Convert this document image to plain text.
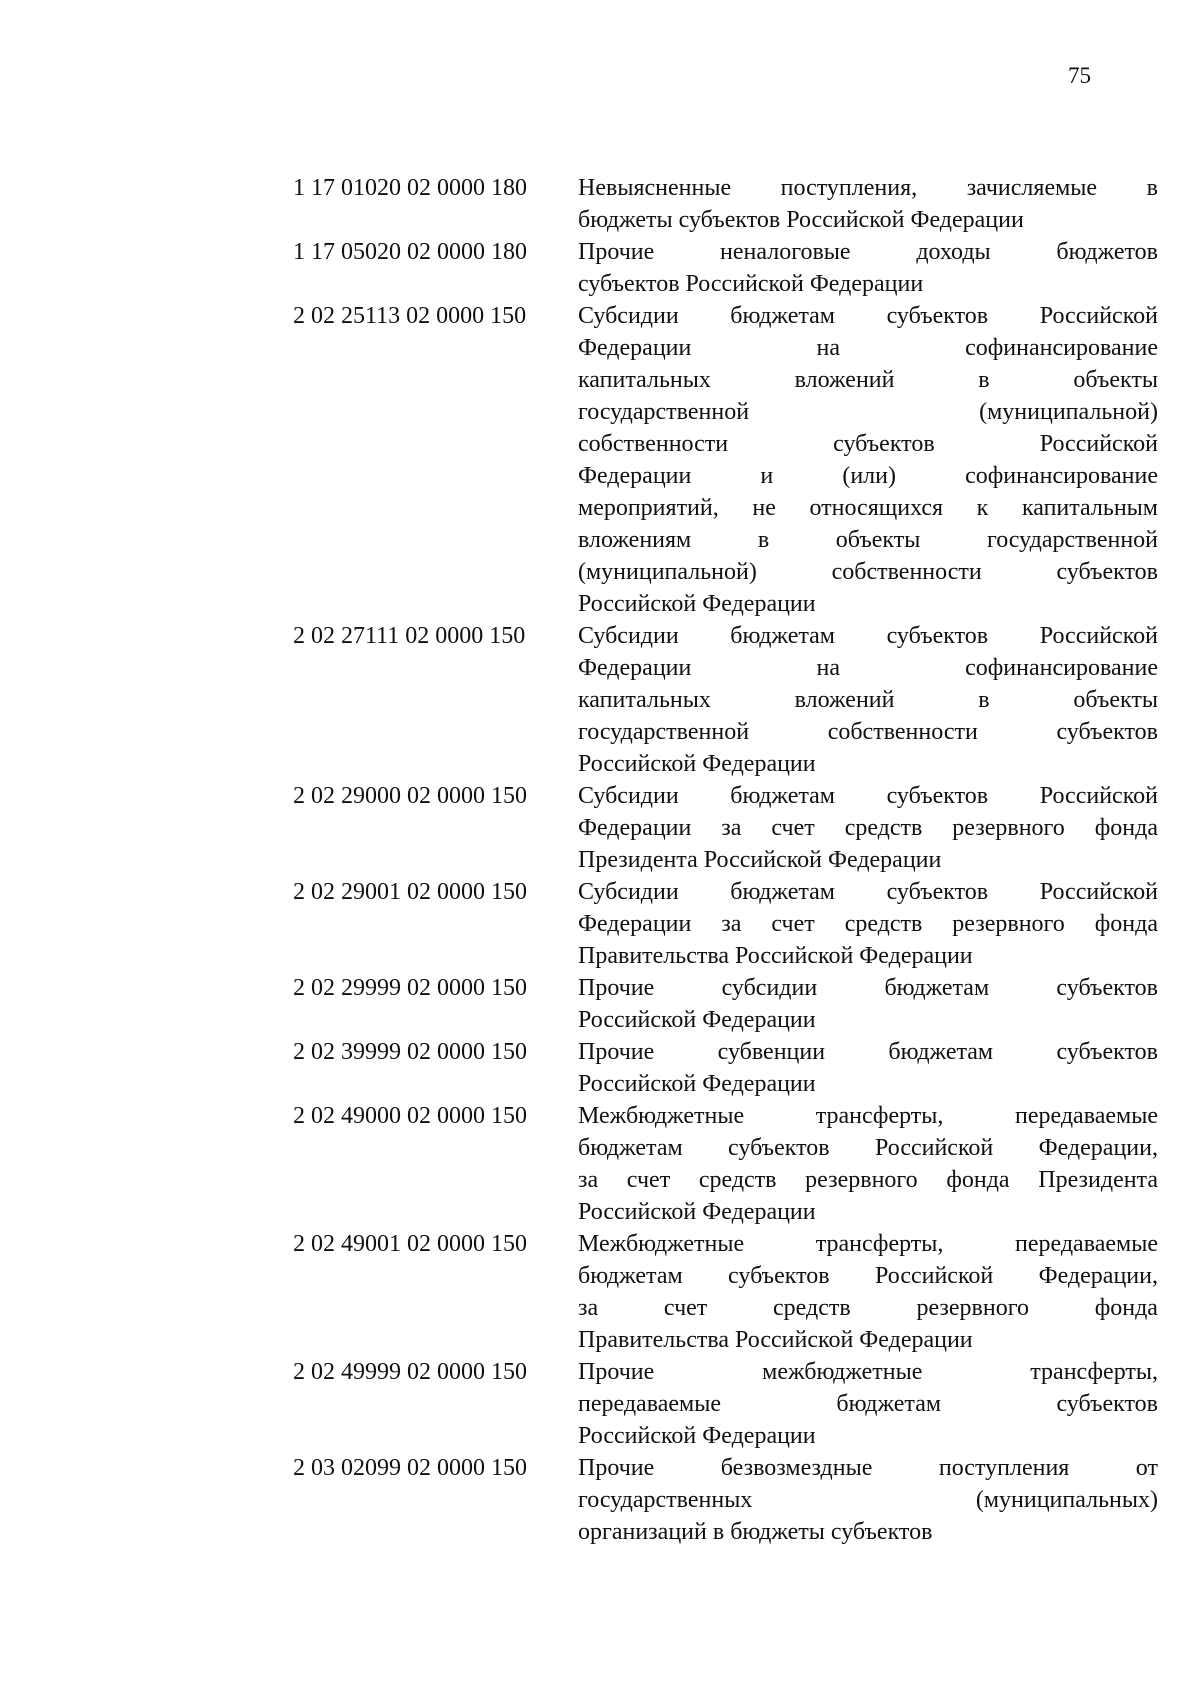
75
1 17 01020 02 0000 180	Невыясненные поступления, зачисляемые в
бюджеты субъектов Российской Федерации
1 17 05020 02 0000 180	Прочие	неналоговые	доходы	бюджетов
субъектов Российской Федерации
2 02 25113 02 0000 150	Субсидии бюджетам субъектов Российской
Федерации	на	софинансирование
капитальных	вложений	в	объекты
государственной	(муниципальной)
собственности	субъектов	Российской
Федерации	и	(или)	софинансирование
мероприятий, не относящихся к капитальным
вложениям	в	объекты	государственной
(муниципальной)	собственности	субъектов
Российской Федерации
2 02 27111 02 0000 150	Субсидии бюджетам субъектов Российской
Федерации	на	софинансирование
капитальных	вложений	в	объекты
государственной	собственности	субъектов
Российской Федерации
2 02 29000 02 0000 150	Субсидии бюджетам субъектов Российской
Федерации за счет средств резервного фонда
Президента Российской Федерации
2 02 29001 02 0000 150	Субсидии бюджетам субъектов Российской
Федерации за счет средств резервного фонда
Правительства Российской Федерации
2 02 29999 02 0000 150	Прочие	субсидии	бюджетам	субъектов
Российской Федерации
2 02 39999 02 0000 150	Прочие	субвенции	бюджетам	субъектов
Российской Федерации
2 02 49000 02 0000 150	Межбюджетные	трансферты,	передаваемые
бюджетам субъектов Российской Федерации,
за счет средств резервного фонда Президента
Российской Федерации
2 02 49001 02 0000 150	Межбюджетные	трансферты,	передаваемые
бюджетам субъектов Российской Федерации,
за	счет	средств	резервного	фонда
Правительства Российской Федерации
2 02 49999 02 0000 150	Прочие	межбюджетные	трансферты,
передаваемые	бюджетам	субъектов
Российской Федерации
2 03 02099 02 0000 150	Прочие	безвозмездные	поступления	от
государственных	(муниципальных)
организаций в бюджеты субъектов
